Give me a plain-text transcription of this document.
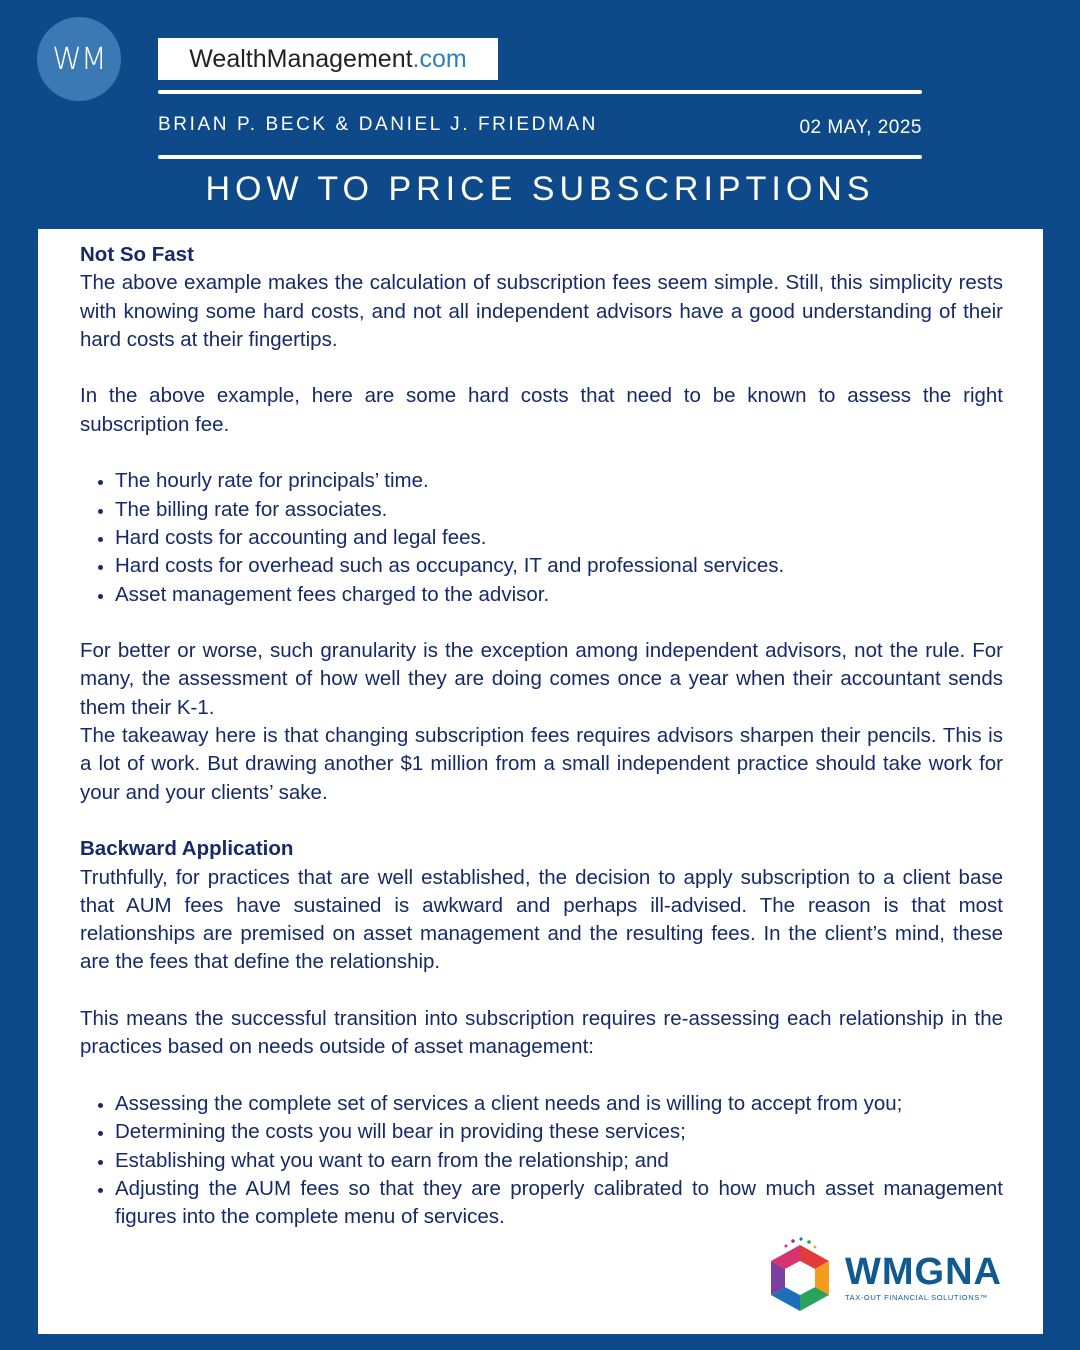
WM	WealthManagement .com
BRIAN P. BECK & DANIEL J. FRIEDMAN	02 MAY, 2025
HOW TO PRICE SUBSCRIPTIONS
Not So Fast

The above example makes the calculation of subscription fees seem simple. Still, this simplicity rests with knowing some hard costs, and not all independent advisors have a good understanding of their hard costs at their fingertips.

In the above example, here are some hard costs that need to be known to assess the right subscription fee.

• The hourly rate for principals’ time.
• The billing rate for associates.
• Hard costs for accounting and legal fees.
• Hard costs for overhead such as occupancy, IT and professional services.
• Asset management fees charged to the advisor.

For better or worse, such granularity is the exception among independent advisors, not the rule. For many, the assessment of how well they are doing comes once a year when their accountant sends them their K-1.

The takeaway here is that changing subscription fees requires advisors sharpen their pencils. This is a lot of work. But drawing another $1 million from a small independent practice should take work for your and your clients’ sake.

Backward Application

Truthfully, for practices that are well established, the decision to apply subscription to a client base that AUM fees have sustained is awkward and perhaps ill-advised. The reason is that most relationships are premised on asset management and the resulting fees. In the client’s mind, these are the fees that define the relationship.

This means the successful transition into subscription requires re-assessing each relationship in the practices based on needs outside of asset management:

• Assessing the complete set of services a client needs and is willing to accept from you;
• Determining the costs you will bear in providing these services;
• Establishing what you want to earn from the relationship; and
• Adjusting the AUM fees so that they are properly calibrated to how much asset management figures into the complete menu of services.
WMGNA
TAX-OUT FINANCIAL SOLUTIONS™
